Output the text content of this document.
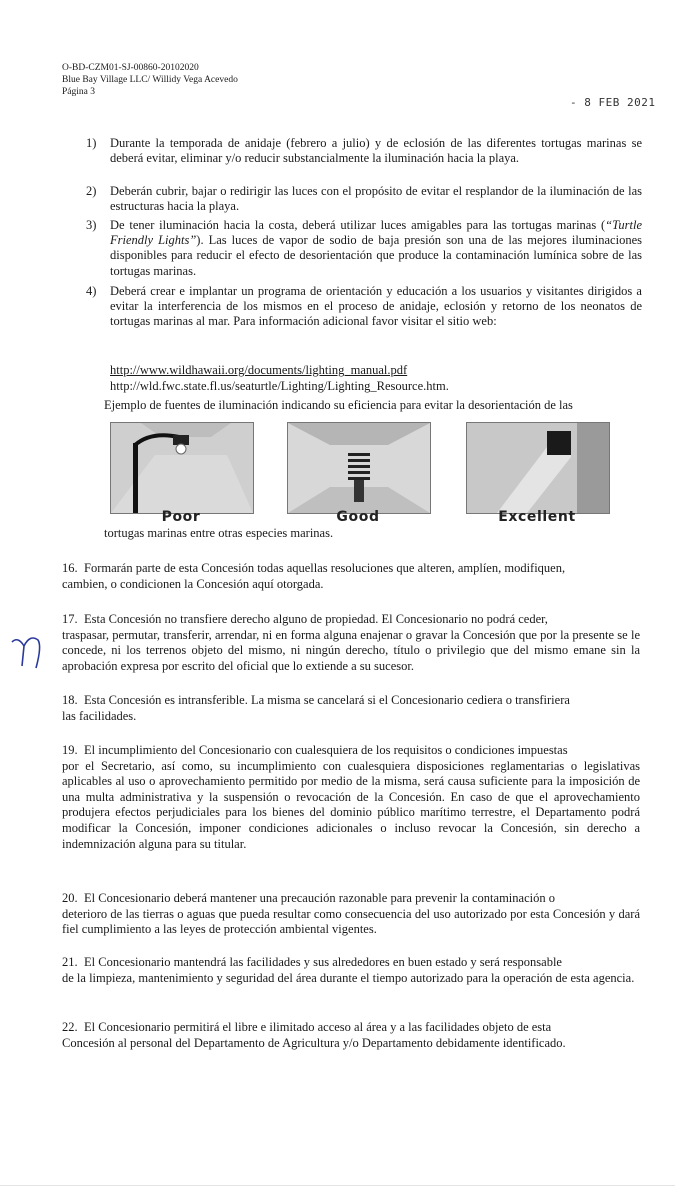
O-BD-CZM01-SJ-00860-20102020
Blue Bay Village LLC/ Willidy Vega Acevedo
Página 3
- 8 FEB 2021
1) Durante la temporada de anidaje (febrero a julio) y de eclosión de las diferentes tortugas marinas se deberá evitar, eliminar y/o reducir substancialmente la iluminación hacia la playa.
2) Deberán cubrir, bajar o redirigir las luces con el propósito de evitar el resplandor de la iluminación de las estructuras hacia la playa.
3) De tener iluminación hacia la costa, deberá utilizar luces amigables para las tortugas marinas (“Turtle Friendly Lights”). Las luces de vapor de sodio de baja presión son una de las mejores iluminaciones disponibles para reducir el efecto de desorientación que produce la contaminación lumínica sobre de las tortugas marinas.
4) Deberá crear e implantar un programa de orientación y educación a los usuarios y visitantes dirigidos a evitar la interferencia de los mismos en el proceso de anidaje, eclosión y retorno de los neonatos de tortugas marinas al mar. Para información adicional favor visitar el sitio web:
http://www.wildhawaii.org/documents/lighting_manual.pdf
http://wld.fwc.state.fl.us/seaturtle/Lighting/Lighting_Resource.htm.
Ejemplo de fuentes de iluminación indicando su eficiencia para evitar la desorientación de las
Poor	Good	Excellent
tortugas marinas entre otras especies marinas.
16. Formarán parte de esta Concesión todas aquellas resoluciones que alteren, amplíen, modifiquen,
cambien, o condicionen la Concesión aquí otorgada.
17. Esta Concesión no transfiere derecho alguno de propiedad. El Concesionario no podrá ceder,
traspasar, permutar, transferir, arrendar, ni en forma alguna enajenar o gravar la Concesión que por la presente se le concede, ni los terrenos objeto del mismo, ni ningún derecho, título o privilegio que del mismo emane sin la aprobación expresa por escrito del oficial que lo extiende a su sucesor.
18. Esta Concesión es intransferible. La misma se cancelará si el Concesionario cediera o transfiriera
las facilidades.
19. El incumplimiento del Concesionario con cualesquiera de los requisitos o condiciones impuestas
por el Secretario, así como, su incumplimiento con cualesquiera disposiciones reglamentarias o legislativas aplicables al uso o aprovechamiento permitido por medio de la misma, será causa suficiente para la imposición de una multa administrativa y la suspensión o revocación de la Concesión. En caso de que el aprovechamiento produjera efectos perjudiciales para los bienes del dominio público marítimo terrestre, el Departamento podrá modificar la Concesión, imponer condiciones adicionales o incluso revocar la Concesión, sin derecho a indemnización alguna para su titular.
20. El Concesionario deberá mantener una precaución razonable para prevenir la contaminación o
deterioro de las tierras o aguas que pueda resultar como consecuencia del uso autorizado por esta Concesión y dará fiel cumplimiento a las leyes de protección ambiental vigentes.
21. El Concesionario mantendrá las facilidades y sus alrededores en buen estado y será responsable
de la limpieza, mantenimiento y seguridad del área durante el tiempo autorizado para la operación de esta agencia.
22. El Concesionario permitirá el libre e ilimitado acceso al área y a las facilidades objeto de esta
Concesión al personal del Departamento de Agricultura y/o Departamento debidamente identificado.
